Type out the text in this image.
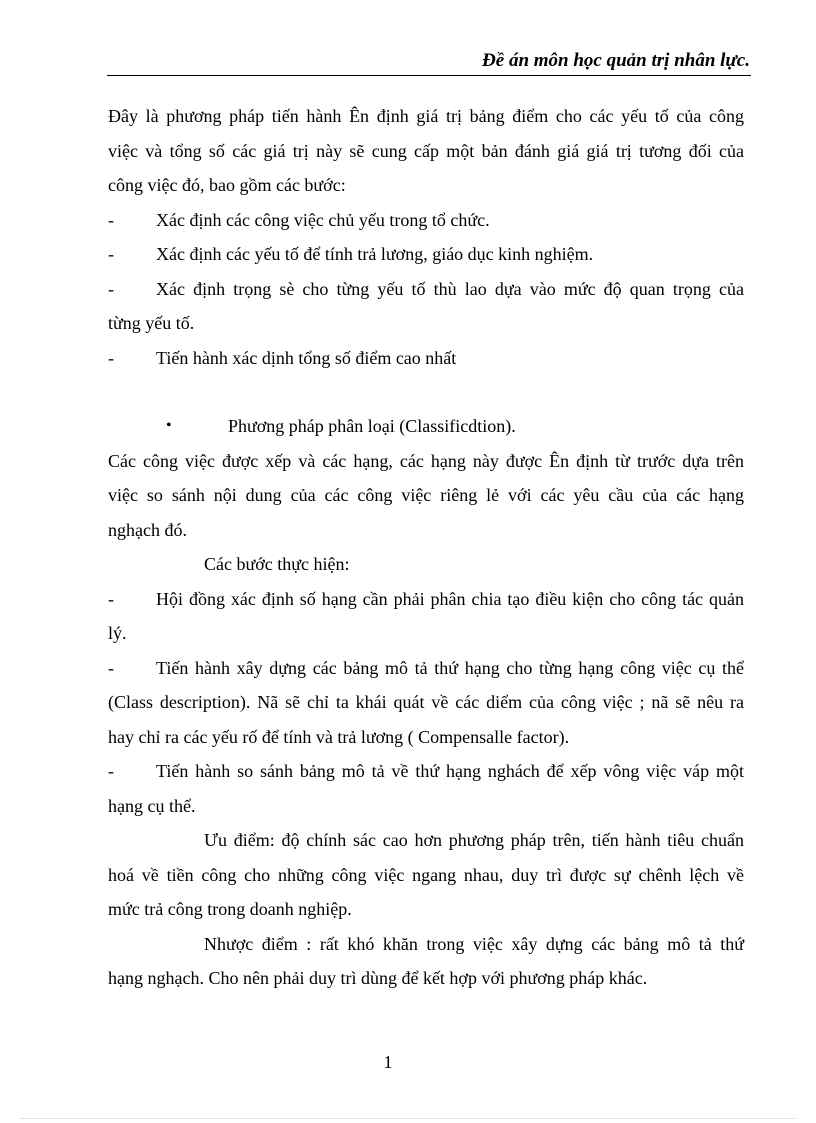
Đề án môn học quản trị nhân lực.

Đây là phương pháp tiến hành Ên định giá trị bảng điểm cho các yếu tố của công

việc và tổng số các giá trị này sẽ cung cấp một bản đánh giá giá trị tương đối của

công việc đó, bao gồm các bước:

-	Xác định các công việc chủ yếu trong tổ chức.
-	Xác định các yếu tố để tính trả lương, giáo dục kinh nghiệm.
-	Xác định trọng sè cho từng yếu tố thù lao dựa vào mức độ quan trọng của

từng yếu tố.

-	Tiến hành xác dịnh tổng số điểm cao nhất
•	Phương pháp phân loại (Classificdtion).

Các công việc được xếp và các hạng, các hạng này được Ên định từ trước dựa trên

việc so sánh nội dung của các công việc riêng lẻ với các yêu cầu của các hạng

nghạch đó.

Các bước thực hiện:

-	Hội đồng xác định số hạng cần phải phân chia tạo điều kiện cho công tác quản

lý.

-	Tiến hành xây dựng các bảng mô tả thứ hạng cho từng hạng công việc cụ thể

(Class description). Nã sẽ chỉ ta khái quát về các diểm của công việc ; nã sẽ nêu ra

hay chỉ ra các yếu rố để tính và trả lương ( Compensalle factor).

-	Tiến hành so sánh bảng mô tả về thứ hạng nghách để xếp vông việc váp một

hạng cụ thể.

Ưu điểm: độ chính sác cao hơn phương pháp trên, tiến hành tiêu chuẩn

hoá về tiền công cho những công việc ngang nhau, duy trì được sự chênh lệch về

mức trả công trong doanh nghiệp.

Nhược điểm : rất khó khăn trong việc xây dựng các bảng mô tả thứ

hạng nghạch. Cho nên phải duy trì dùng để kết hợp với phương pháp khác.

1
